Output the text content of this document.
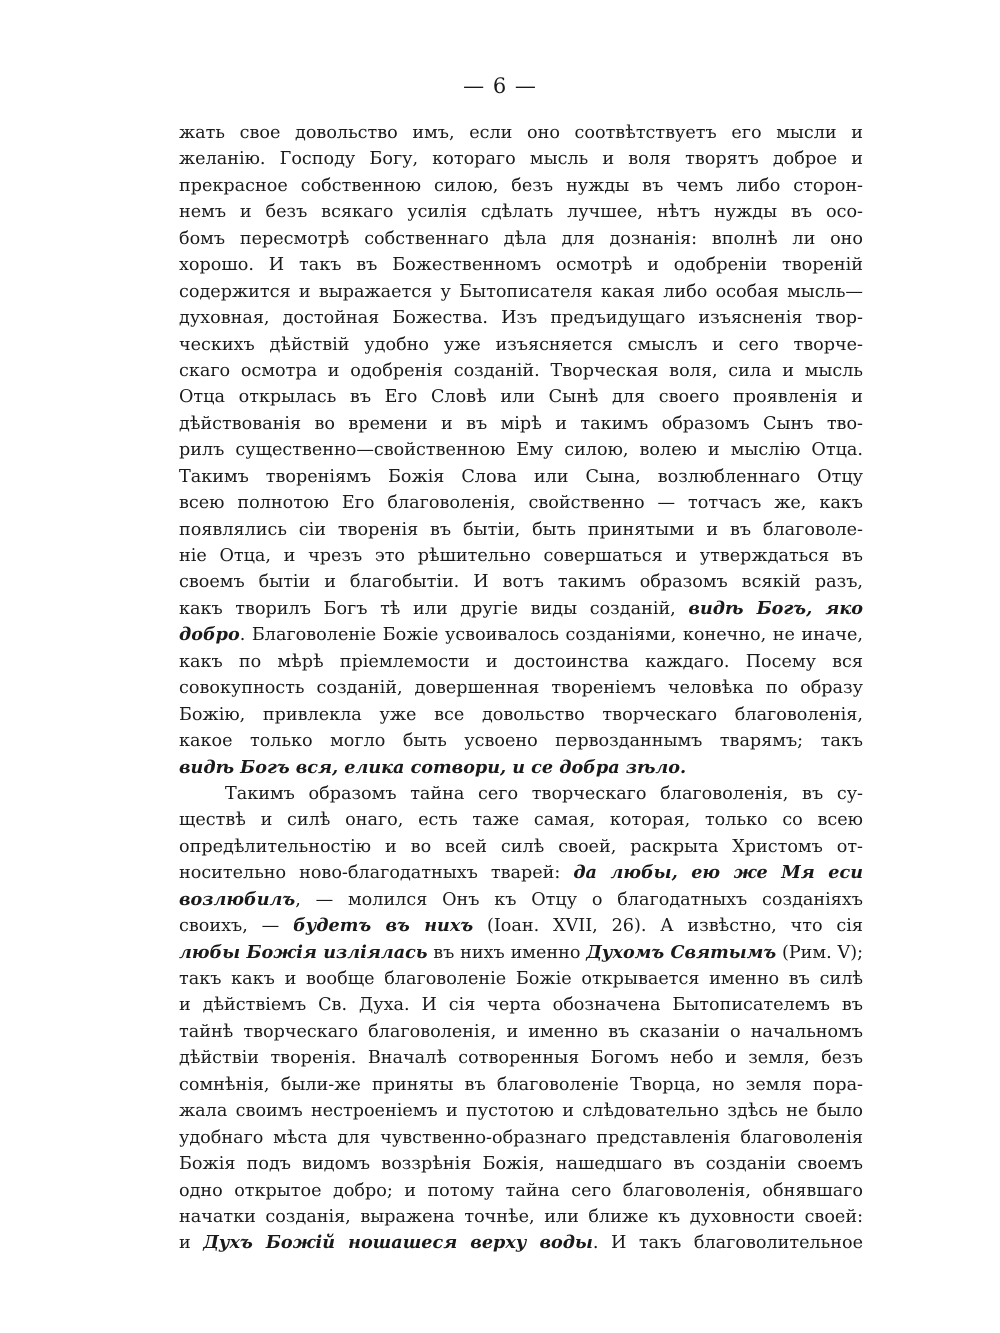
— 6 —
жать свое довольство имъ, если оно соотвѣтствуетъ его мысли и
желанію. Господу Богу, котораго мысль и воля творятъ доброе и
прекрасное собственною силою, безъ нужды въ чемъ либо сторон-
немъ и безъ всякаго усилія сдѣлать лучшее, нѣтъ нужды въ осо-
бомъ пересмотрѣ собственнаго дѣла для дознанія: вполнѣ ли оно
хорошо. И такъ въ Божественномъ осмотрѣ и одобреніи твореній
содержится и выражается у Бытописателя какая либо особая мысль—
духовная, достойная Божества. Изъ предъидущаго изъясненія твор-
ческихъ дѣйствій удобно уже изъясняется смыслъ и сего творче-
скаго осмотра и одобренія созданій. Творческая воля, сила и мысль
Отца открылась въ Его Словѣ или Сынѣ для своего проявленія и
дѣйствованія во времени и въ мірѣ и такимъ образомъ Сынъ тво-
рилъ существенно—свойственною Ему силою, волею и мыслію Отца.
Такимъ твореніямъ Божія Слова или Сына, возлюбленнаго Отцу
всею полнотою Его благоволенія, свойственно — тотчасъ же, какъ
появлялись сіи творенія въ бытіи, быть принятыми и въ благоволе-
ніе Отца, и чрезъ это рѣшительно совершаться и утверждаться въ
своемъ бытіи и благобытіи. И вотъ такимъ образомъ всякій разъ,
какъ творилъ Богъ тѣ или другіе виды созданій, видѣ Богъ, яко
добро. Благоволеніе Божіе усвоивалось созданіями, конечно, не иначе,
какъ по мѣрѣ пріемлемости и достоинства каждаго. Посему вся
совокупность созданій, довершенная твореніемъ человѣка по образу
Божію, привлекла уже все довольство творческаго благоволенія,
какое только могло быть усвоено первозданнымъ тварямъ; такъ
видѣ Богъ вся, елика сотвори, и се добра зѣло.
Такимъ образомъ тайна сего творческаго благоволенія, въ су-
ществѣ и силѣ онаго, есть таже самая, которая, только со всею
опредѣлительностію и во всей силѣ своей, раскрыта Христомъ от-
носительно ново-благодатныхъ тварей: да любы, ею же Мя еси
возлюбилъ, — молился Онъ къ Отцу о благодатныхъ созданіяхъ
своихъ, — будетъ въ нихъ (Іоан. XVII, 26). А извѣстно, что сія
любы Божія изліялась въ нихъ именно Духомъ Святымъ (Рим. V);
такъ какъ и вообще благоволеніе Божіе открывается именно въ силѣ
и дѣйствіемъ Св. Духа. И сія черта обозначена Бытописателемъ въ
тайнѣ творческаго благоволенія, и именно въ сказаніи о начальномъ
дѣйствіи творенія. Вначалѣ сотворенныя Богомъ небо и земля, безъ
сомнѣнія, были-же приняты въ благоволеніе Творца, но земля пора-
жала своимъ нестроеніемъ и пустотою и слѣдовательно здѣсь не было
удобнаго мѣста для чувственно-образнаго представленія благоволенія
Божія подъ видомъ воззрѣнія Божія, нашедшаго въ созданіи своемъ
одно открытое добро; и потому тайна сего благоволенія, обнявшаго
начатки созданія, выражена точнѣе, или ближе къ духовности своей:
и Духъ Божій ношашеся верху воды. И такъ благоволительное
